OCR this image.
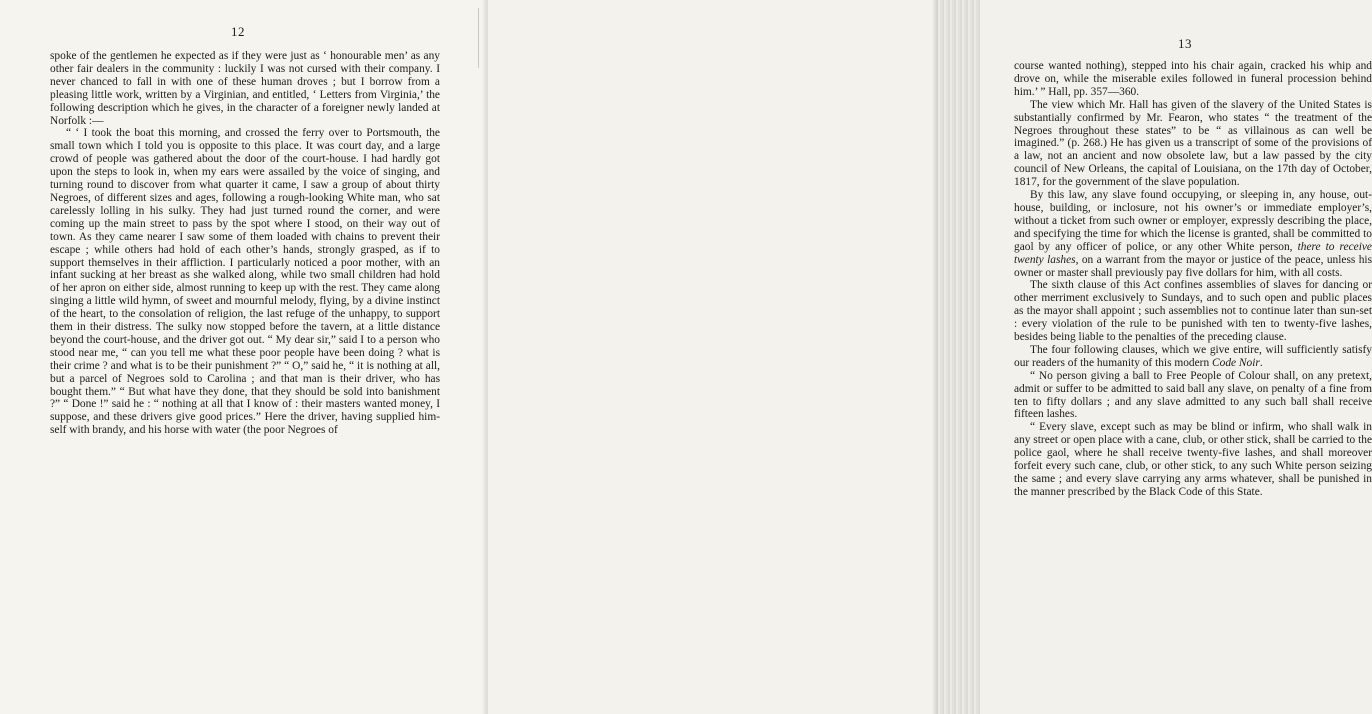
12

spoke of the gentlemen he expected as if they were just as ‘ honourable men’ as any other fair dealers in the community : luckily I was not cursed with their company. I never chanced to fall in with one of these human droves ; but I borrow from a pleasing little work, written by a Virginian, and entitled, ‘ Letters from Virginia,’ the following description which he gives, in the character of a foreigner newly landed at Norfolk :—

“ ‘ I took the boat this morning, and crossed the ferry over to Portsmouth, the small town which I told you is opposite to this place. It was court day, and a large crowd of people was gathered about the door of the court-house. I had hardly got upon the steps to look in, when my ears were assailed by the voice of singing, and turning round to discover from what quarter it came, I saw a group of about thirty Negroes, of different sizes and ages, following a rough-looking White man, who sat carelessly lolling in his sulky. They had just turned round the corner, and were coming up the main street to pass by the spot where I stood, on their way out of town. As they came nearer I saw some of them loaded with chains to prevent their escape ; while others had hold of each other’s hands, strongly grasped, as if to support themselves in their affliction. I particularly noticed a poor mother, with an infant sucking at her breast as she walked along, while two small children had hold of her apron on either side, almost running to keep up with the rest. They came along singing a little wild hymn, of sweet and mournful melody, flying, by a divine instinct of the heart, to the consolation of religion, the last refuge of the unhappy, to support them in their distress. The sulky now stopped before the tavern, at a little distance beyond the court-house, and the driver got out. “ My dear sir,” said I to a person who stood near me, “ can you tell me what these poor people have been doing ? what is their crime ? and what is to be their punishment ?” “ O,” said he, “ it is nothing at all, but a parcel of Negroes sold to Carolina ; and that man is their driver, who has bought them.” “ But what have they done, that they should be sold into banishment ?” “ Done !” said he : “ nothing at all that I know of : their masters wanted money, I suppose, and these drivers give good prices.” Here the driver, having supplied himself with brandy, and his horse with water (the poor Negroes of

13

course wanted nothing), stepped into his chair again, cracked his whip and drove on, while the miserable exiles followed in funeral procession behind him.’ ” Hall, pp. 357—360.

The view which Mr. Hall has given of the slavery of the United States is substantially confirmed by Mr. Fearon, who states “ the treatment of the Negroes throughout these states” to be “ as villainous as can well be imagined.” (p. 268.) He has given us a transcript of some of the provisions of a law, not an ancient and now obsolete law, but a law passed by the city council of New Orleans, the capital of Louisiana, on the 17th day of October, 1817, for the government of the slave population.

By this law, any slave found occupying, or sleeping in, any house, out-house, building, or inclosure, not his owner’s or immediate employer’s, without a ticket from such owner or employer, expressly describing the place, and specifying the time for which the license is granted, shall be committed to gaol by any officer of police, or any other White person, there to receive twenty lashes, on a warrant from the mayor or justice of the peace, unless his owner or master shall previously pay five dollars for him, with all costs.

The sixth clause of this Act confines assemblies of slaves for dancing or other merriment exclusively to Sundays, and to such open and public places as the mayor shall appoint ; such assemblies not to continue later than sun-set : every violation of the rule to be punished with ten to twenty-five lashes, besides being liable to the penalties of the preceding clause.

The four following clauses, which we give entire, will sufficiently satisfy our readers of the humanity of this modern Code Noir.

“ No person giving a ball to Free People of Colour shall, on any pretext, admit or suffer to be admitted to said ball any slave, on penalty of a fine from ten to fifty dollars ; and any slave admitted to any such ball shall receive fifteen lashes.

“ Every slave, except such as may be blind or infirm, who shall walk in any street or open place with a cane, club, or other stick, shall be carried to the police gaol, where he shall receive twenty-five lashes, and shall moreover forfeit every such cane, club, or other stick, to any such White person seizing the same ; and every slave carrying any arms whatever, shall be punished in the manner prescribed by the Black Code of this State.
